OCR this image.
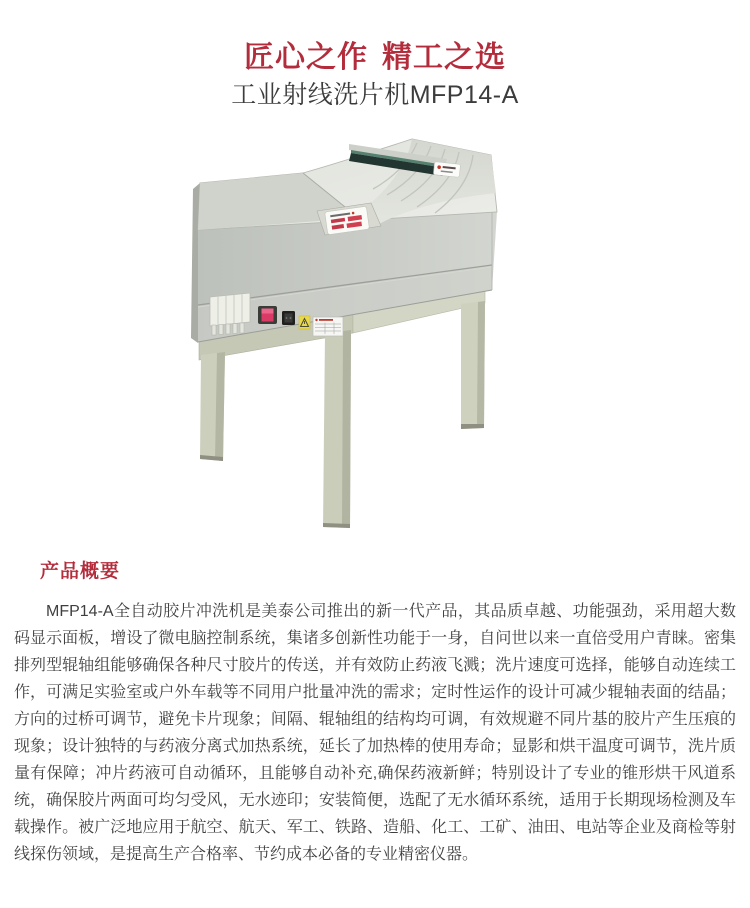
匠心之作 精工之选
工业射线洗片机MFP14-A
产品概要

MFP14-A全自动胶片冲洗机是美泰公司推出的新一代产品，其品质卓越、功能强劲，采用超大数码显示面板，增设了微电脑控制系统，集诸多创新性功能于一身，自问世以来一直倍受用户青睐。密集排列型辊轴组能够确保各种尺寸胶片的传送，并有效防止药液飞溅；洗片速度可选择，能够自动连续工作，可满足实验室或户外车载等不同用户批量冲洗的需求；定时性运作的设计可减少辊轴表面的结晶；方向的过桥可调节，避免卡片现象；间隔、辊轴组的结构均可调，有效规避不同片基的胶片产生压痕的现象；设计独特的与药液分离式加热系统，延长了加热棒的使用寿命；显影和烘干温度可调节，洗片质量有保障；冲片药液可自动循环，且能够自动补充,确保药液新鲜；特别设计了专业的锥形烘干风道系统，确保胶片两面可均匀受风，无水迹印；安装简便，选配了无水循环系统，适用于长期现场检测及车载操作。被广泛地应用于航空、航天、军工、铁路、造船、化工、工矿、油田、电站等企业及商检等射线探伤领域，是提高生产合格率、节约成本必备的专业精密仪器。
